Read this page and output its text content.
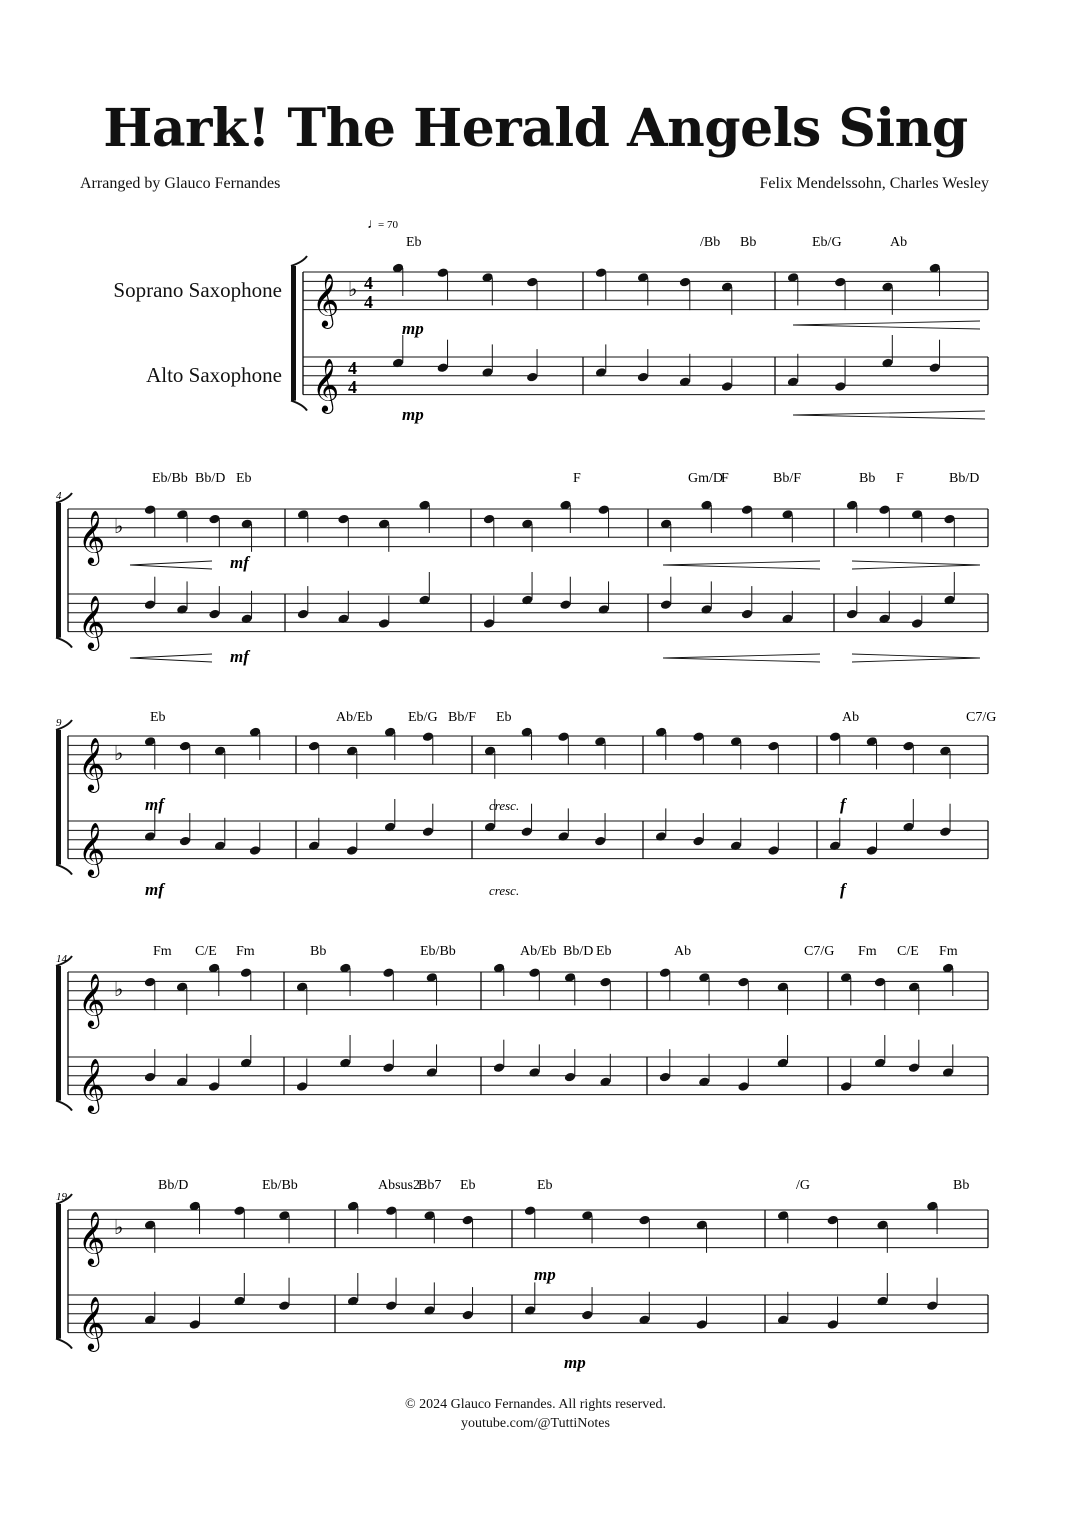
Hark! The Herald Angels Sing
Arranged by Glauco Fernandes	Felix Mendelssohn, Charles Wesley
Soprano Saxophone
Alto Saxophone
𝄞
𝄞
♭ 4
4
4
4
♩
= 70
Eb	/Bb Bb	Eb/G	Ab
mp
mp
𝄞
𝄞
♭
4
Eb/Bb Bb/D Eb	F	Gm/D
F	Bb/F	Bb F	Bb/D
mf
mf
𝄞
𝄞
♭
9	Eb	Ab/Eb	Eb/G Bb/F Eb	Ab	C7/G
mf	cresc.	f
mf	cresc.	f
𝄞
𝄞
♭
14	Fm C/E Fm	Bb	Eb/Bb	Ab/Eb Bb/D Eb	Ab	C7/G Fm C/E Fm
𝄞
𝄞
♭
19
Bb/D	Eb/Bb	Absus2
Bb7 Eb	Eb	/G	Bb
mp
mp
© 2024 Glauco Fernandes. All rights reserved.
youtube.com/@TuttiNotes
